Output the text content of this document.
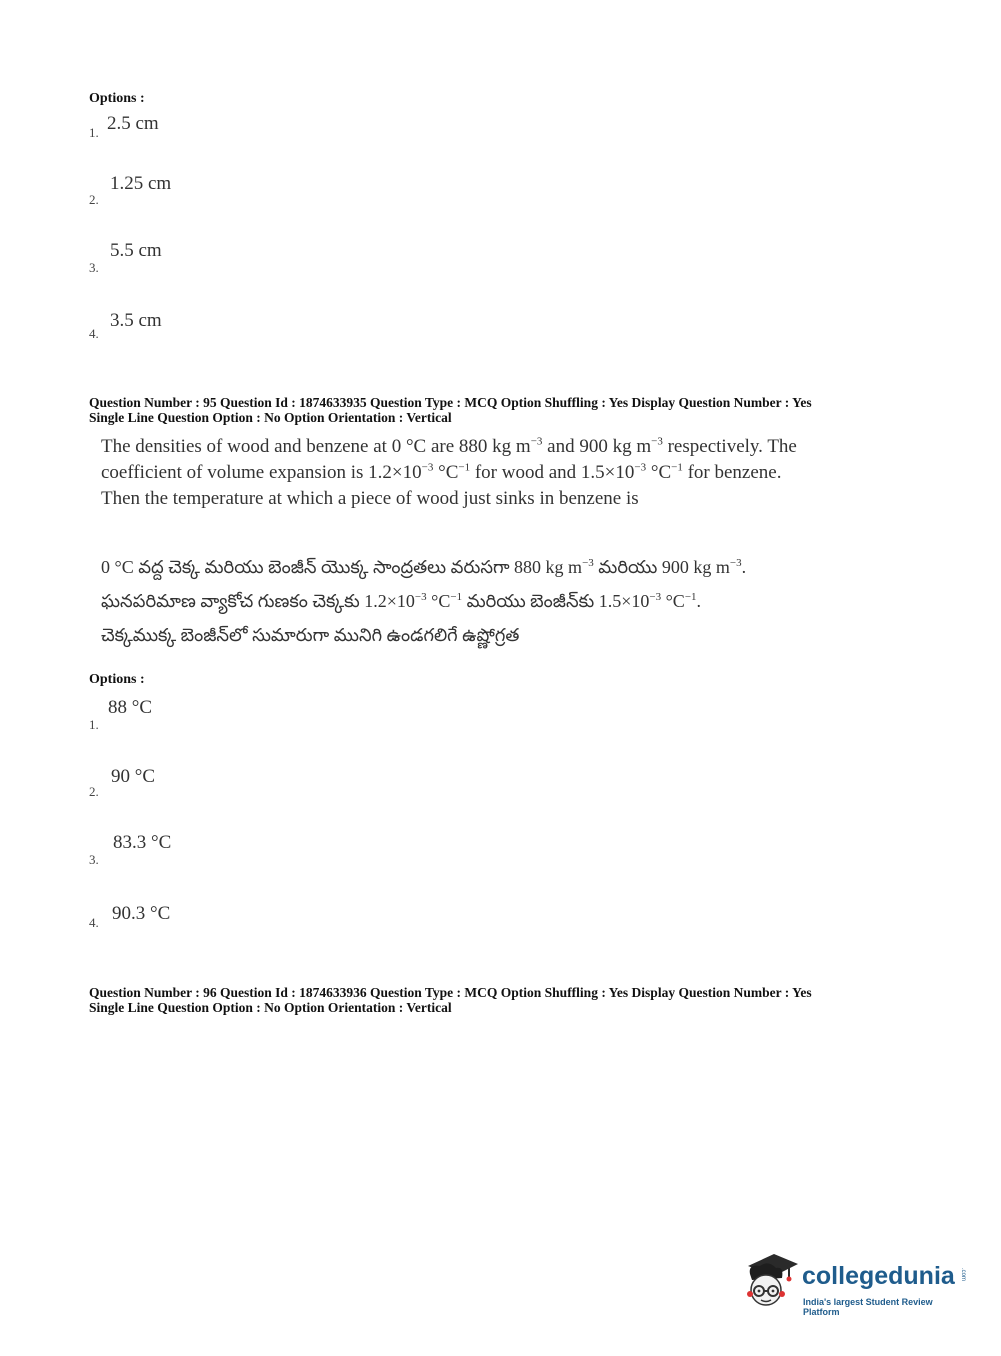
Options :
1. 2.5 cm
2.
1.25 cm
3.
5.5 cm
4.
3.5 cm
Question Number : 95 Question Id : 1874633935 Question Type : MCQ Option Shuffling : Yes Display Question Number : Yes
Single Line Question Option : No Option Orientation : Vertical
The densities of wood and benzene at 0 °C are 880 kg $m^{-3}$ and 900 kg $m^{-3}$ respectively. The
coefficient of volume expansion is $1.2\times 10^{-3}$ $^\circ C^{-1}$ for wood and $1.5\times 10^{-3}$ $^\circ C^{-1}$ for benzene.
Then the temperature at which a piece of wood just sinks in benzene is
0 °C వద్ద చెక్క మరియు బెంజీన్ యొక్క సాంద్రతలు వరుసగా 880 kg $m^{-3}$ మరియు 900 kg $m^{-3}$.
ఘనపరిమాణ వ్యాకోచ గుణకం చెక్కకు $1.2\times 10^{-3}$ $^\circ C^{-1}$ మరియు బెంజీన్‌కు $1.5\times 10^{-3}$ $^\circ C^{-1}$.
చెక్కముక్క బెంజీన్‌లో సుమారుగా మునిగి ఉండగలిగే ఉష్ణోగ్రత
Options :
1.
88 °C
2.
90 °C
3.
83.3 °C
4. 90.3 °C
Question Number : 96 Question Id : 1874633936 Question Type : MCQ Option Shuffling : Yes Display Question Number : Yes
Single Line Question Option : No Option Orientation : Vertical
collegedunia .com
India's largest Student Review Platform
